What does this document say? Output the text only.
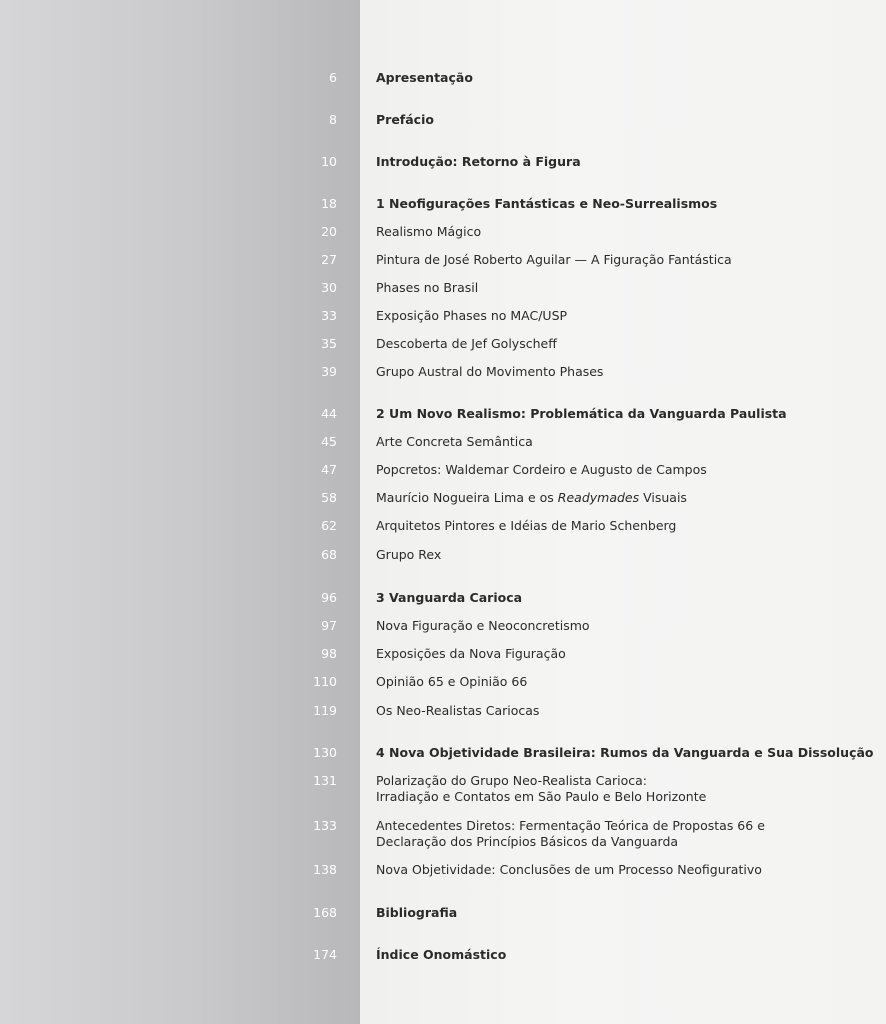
6	Apresentação
8	Prefácio
10	Introdução: Retorno à Figura
18	1 Neofigurações Fantásticas e Neo-Surrealismos
20	Realismo Mágico
27	Pintura de José Roberto Aguilar — A Figuração Fantástica
30	Phases no Brasil
33	Exposição Phases no MAC/USP
35	Descoberta de Jef Golyscheff
39	Grupo Austral do Movimento Phases
44	2 Um Novo Realismo: Problemática da Vanguarda Paulista
45	Arte Concreta Semântica
47	Popcretos: Waldemar Cordeiro e Augusto de Campos
58	Maurício Nogueira Lima e os Readymades Visuais
62	Arquitetos Pintores e Idéias de Mario Schenberg
68	Grupo Rex
96	3 Vanguarda Carioca
97	Nova Figuração e Neoconcretismo
98	Exposições da Nova Figuração
110	Opinião 65 e Opinião 66
119	Os Neo-Realistas Cariocas
130	4 Nova Objetividade Brasileira: Rumos da Vanguarda e Sua Dissolução
131	Polarização do Grupo Neo-Realista Carioca:
Irradiação e Contatos em São Paulo e Belo Horizonte
133	Antecedentes Diretos: Fermentação Teórica de Propostas 66 e
Declaração dos Princípios Básicos da Vanguarda
138	Nova Objetividade: Conclusões de um Processo Neofigurativo
168	Bibliografia
174	Índice Onomástico
